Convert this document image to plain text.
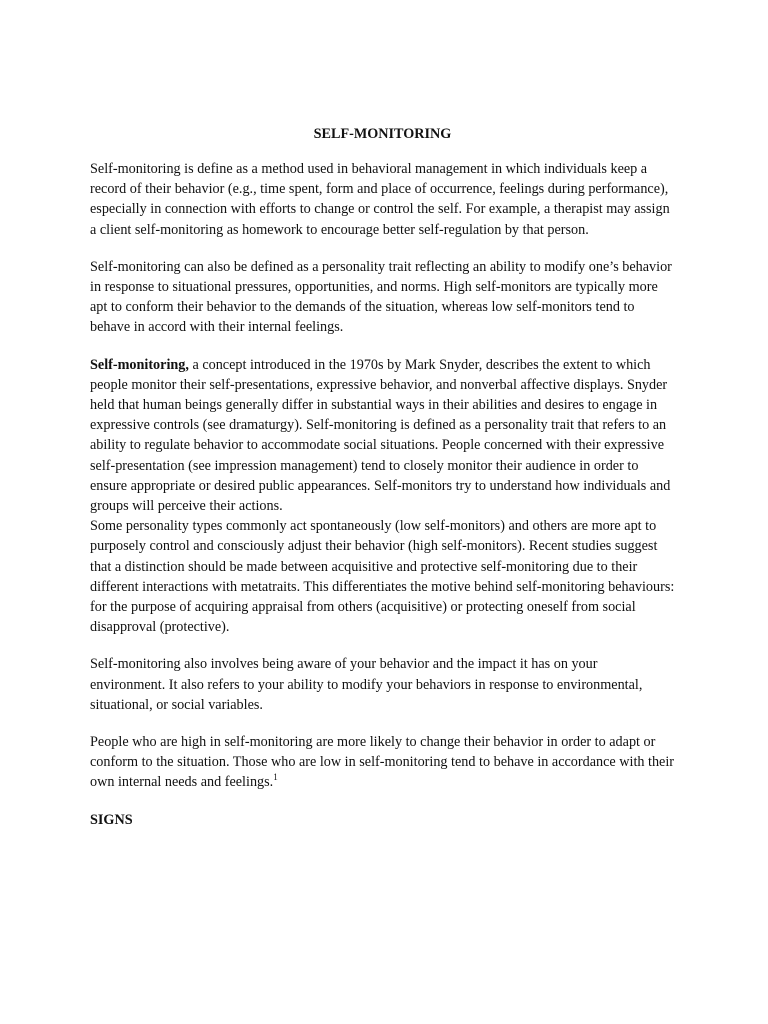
SELF-MONITORING

Self-monitoring is define as a method used in behavioral management in which individuals keep a record of their behavior (e.g., time spent, form and place of occurrence, feelings during performance), especially in connection with efforts to change or control the self. For example, a therapist may assign a client self-monitoring as homework to encourage better self-regulation by that person.

Self-monitoring can also be defined as a personality trait reflecting an ability to modify one’s behavior in response to situational pressures, opportunities, and norms. High self-monitors are typically more apt to conform their behavior to the demands of the situation, whereas low self-monitors tend to behave in accord with their internal feelings.

Self-monitoring, a concept introduced in the 1970s by Mark Snyder, describes the extent to which people monitor their self-presentations, expressive behavior, and nonverbal affective displays. Snyder held that human beings generally differ in substantial ways in their abilities and desires to engage in expressive controls (see dramaturgy). Self-monitoring is defined as a personality trait that refers to an ability to regulate behavior to accommodate social situations. People concerned with their expressive self-presentation (see impression management) tend to closely monitor their audience in order to ensure appropriate or desired public appearances. Self-monitors try to understand how individuals and groups will perceive their actions.

Some personality types commonly act spontaneously (low self-monitors) and others are more apt to purposely control and consciously adjust their behavior (high self-monitors). Recent studies suggest that a distinction should be made between acquisitive and protective self-monitoring due to their different interactions with metatraits. This differentiates the motive behind self-monitoring behaviours: for the purpose of acquiring appraisal from others (acquisitive) or protecting oneself from social disapproval (protective).

Self-monitoring also involves being aware of your behavior and the impact it has on your environment. It also refers to your ability to modify your behaviors in response to environmental, situational, or social variables.

People who are high in self-monitoring are more likely to change their behavior in order to adapt or conform to the situation. Those who are low in self-monitoring tend to behave in accordance with their own internal needs and feelings.$^1$

SIGNS
